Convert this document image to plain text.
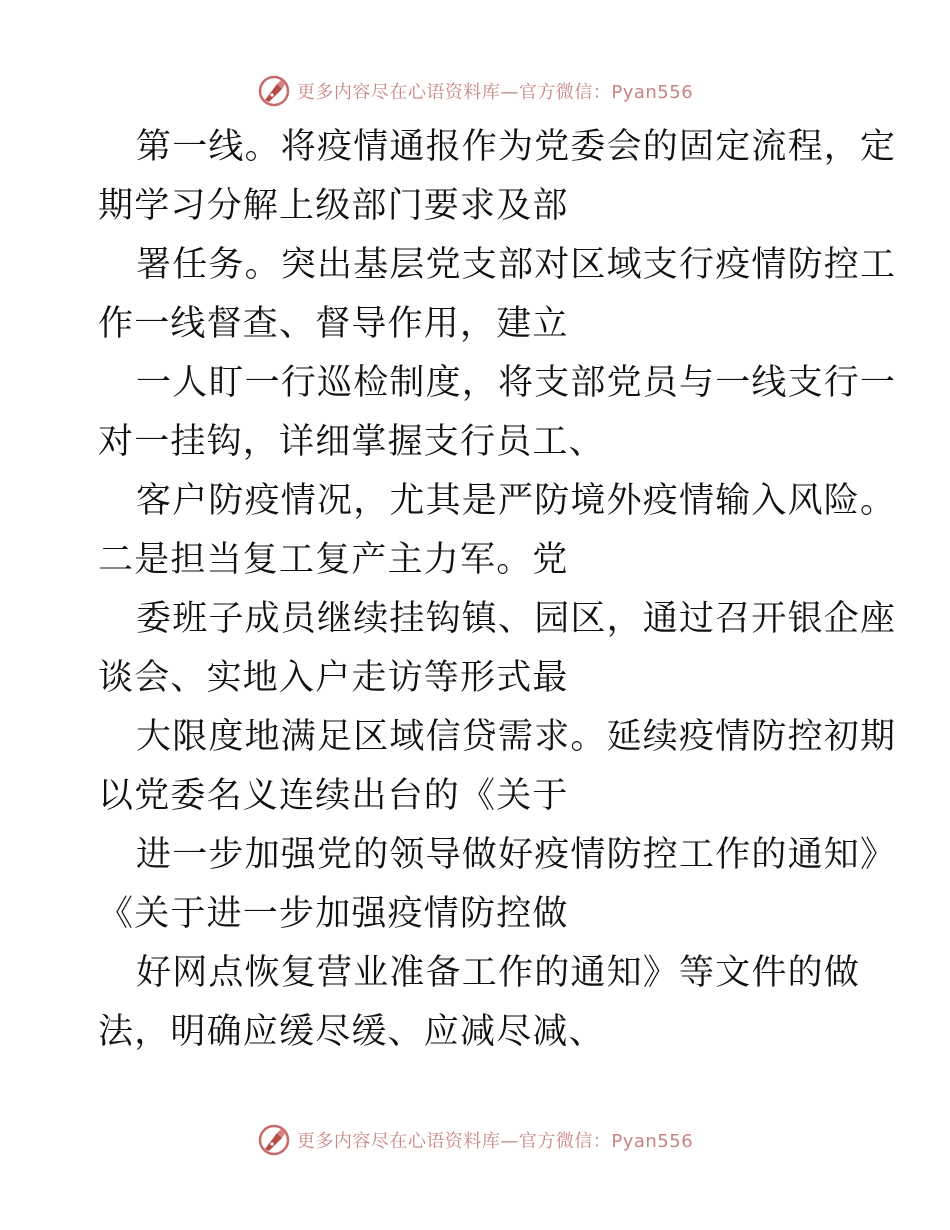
更多内容尽在心语资料库—官方微信：Pyan556
第一线。将疫情通报作为党委会的固定流程，定
期学习分解上级部门要求及部
署任务。突出基层党支部对区域支行疫情防控工
作一线督查、督导作用，建立
一人盯一行巡检制度，将支部党员与一线支行一
对一挂钩，详细掌握支行员工、
客户防疫情况，尤其是严防境外疫情输入风险。
二是担当复工复产主力军。党
委班子成员继续挂钩镇、园区，通过召开银企座
谈会、实地入户走访等形式最
大限度地满足区域信贷需求。延续疫情防控初期
以党委名义连续出台的《关于
进一步加强党的领导做好疫情防控工作的通知》
《关于进一步加强疫情防控做
好网点恢复营业准备工作的通知》等文件的做
法，明确应缓尽缓、应减尽减、
更多内容尽在心语资料库—官方微信：Pyan556
